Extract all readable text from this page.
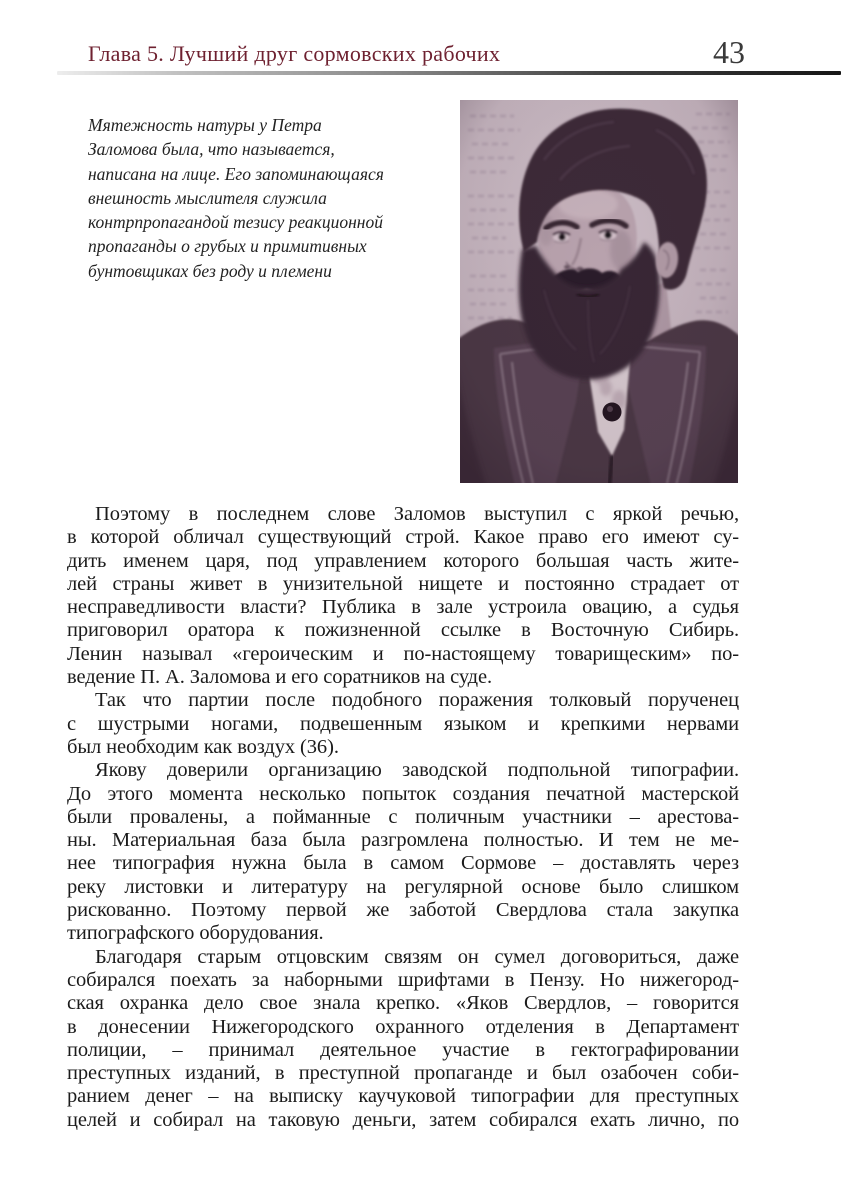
Глава 5. Лучший друг сормовских рабочих	43
Мятежность натуры у Петра
Заломова была, что называется,
написана на лице. Его запоминающаяся
внешность мыслителя служила
контрпропагандой тезису реакционной
пропаганды о грубых и примитивных
бунтовщиках без роду и племени
Поэтому в последнем слове Заломов выступил с яркой речью,
в которой обличал существующий строй. Какое право его имеют су-
дить именем царя, под управлением которого большая часть жите-
лей страны живет в унизительной нищете и постоянно страдает от
несправедливости власти? Публика в зале устроила овацию, а судья
приговорил оратора к пожизненной ссылке в Восточную Сибирь.
Ленин называл «героическим и по-настоящему товарищеским» по-
ведение П. А. Заломова и его соратников на суде.
Так что партии после подобного поражения толковый порученец
с шустрыми ногами, подвешенным языком и крепкими нервами
был необходим как воздух (36).
Якову доверили организацию заводской подпольной типографии.
До этого момента несколько попыток создания печатной мастерской
были провалены, а пойманные с поличным участники – арестова-
ны. Материальная база была разгромлена полностью. И тем не ме-
нее типография нужна была в самом Сормове – доставлять через
реку листовки и литературу на регулярной основе было слишком
рискованно. Поэтому первой же заботой Свердлова стала закупка
типографского оборудования.
Благодаря старым отцовским связям он сумел договориться, даже
собирался поехать за наборными шрифтами в Пензу. Но нижегород-
ская охранка дело свое знала крепко. «Яков Свердлов, – говорится
в донесении Нижегородского охранного отделения в Департамент
полиции, – принимал деятельное участие в гектографировании
преступных изданий, в преступной пропаганде и был озабочен соби-
ранием денег – на выписку каучуковой типографии для преступных
целей и собирал на таковую деньги, затем собирался ехать лично, по
